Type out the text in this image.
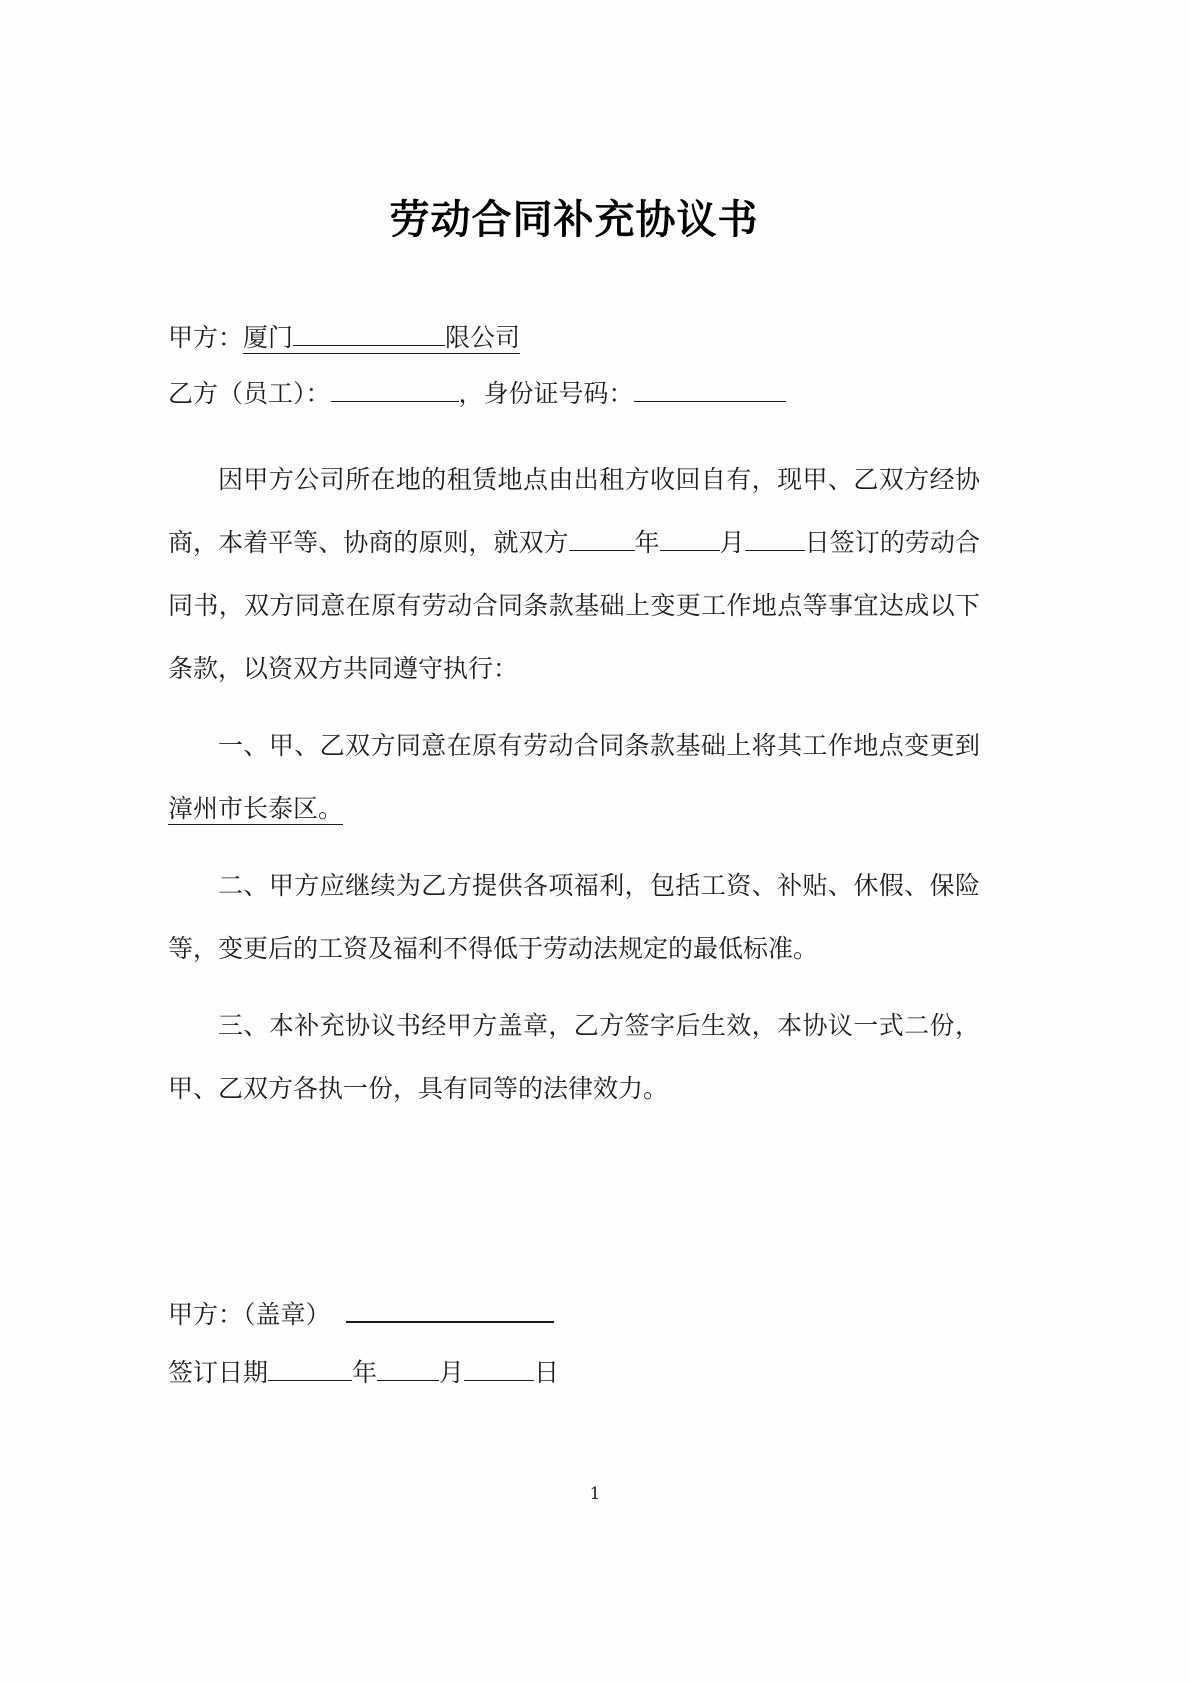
劳动合同补充协议书
甲方：厦门	限公司
乙方（员工）：	，身份证号码：

因甲方公司所在地的租赁地点由出租方收回自有，现甲、乙双方经协商，本着平等、协商的原则，就双方	年 月 日签订的劳动合同书，双方同意在原有劳动合同条款基础上变更工作地点等事宜达成以下条款，以资双方共同遵守执行：

一、甲、乙双方同意在原有劳动合同条款基础上将其工作地点变更到 漳州市长泰区。

二、甲方应继续为乙方提供各项福利，包括工资、补贴、休假、保险等，变更后的工资及福利不得低于劳动法规定的最低标准。

三、本补充协议书经甲方盖章，乙方签字后生效，本协议一式二份，甲、乙双方各执一份，具有同等的法律效力。

甲方：（盖章）
签订日期	年 月	日
1
